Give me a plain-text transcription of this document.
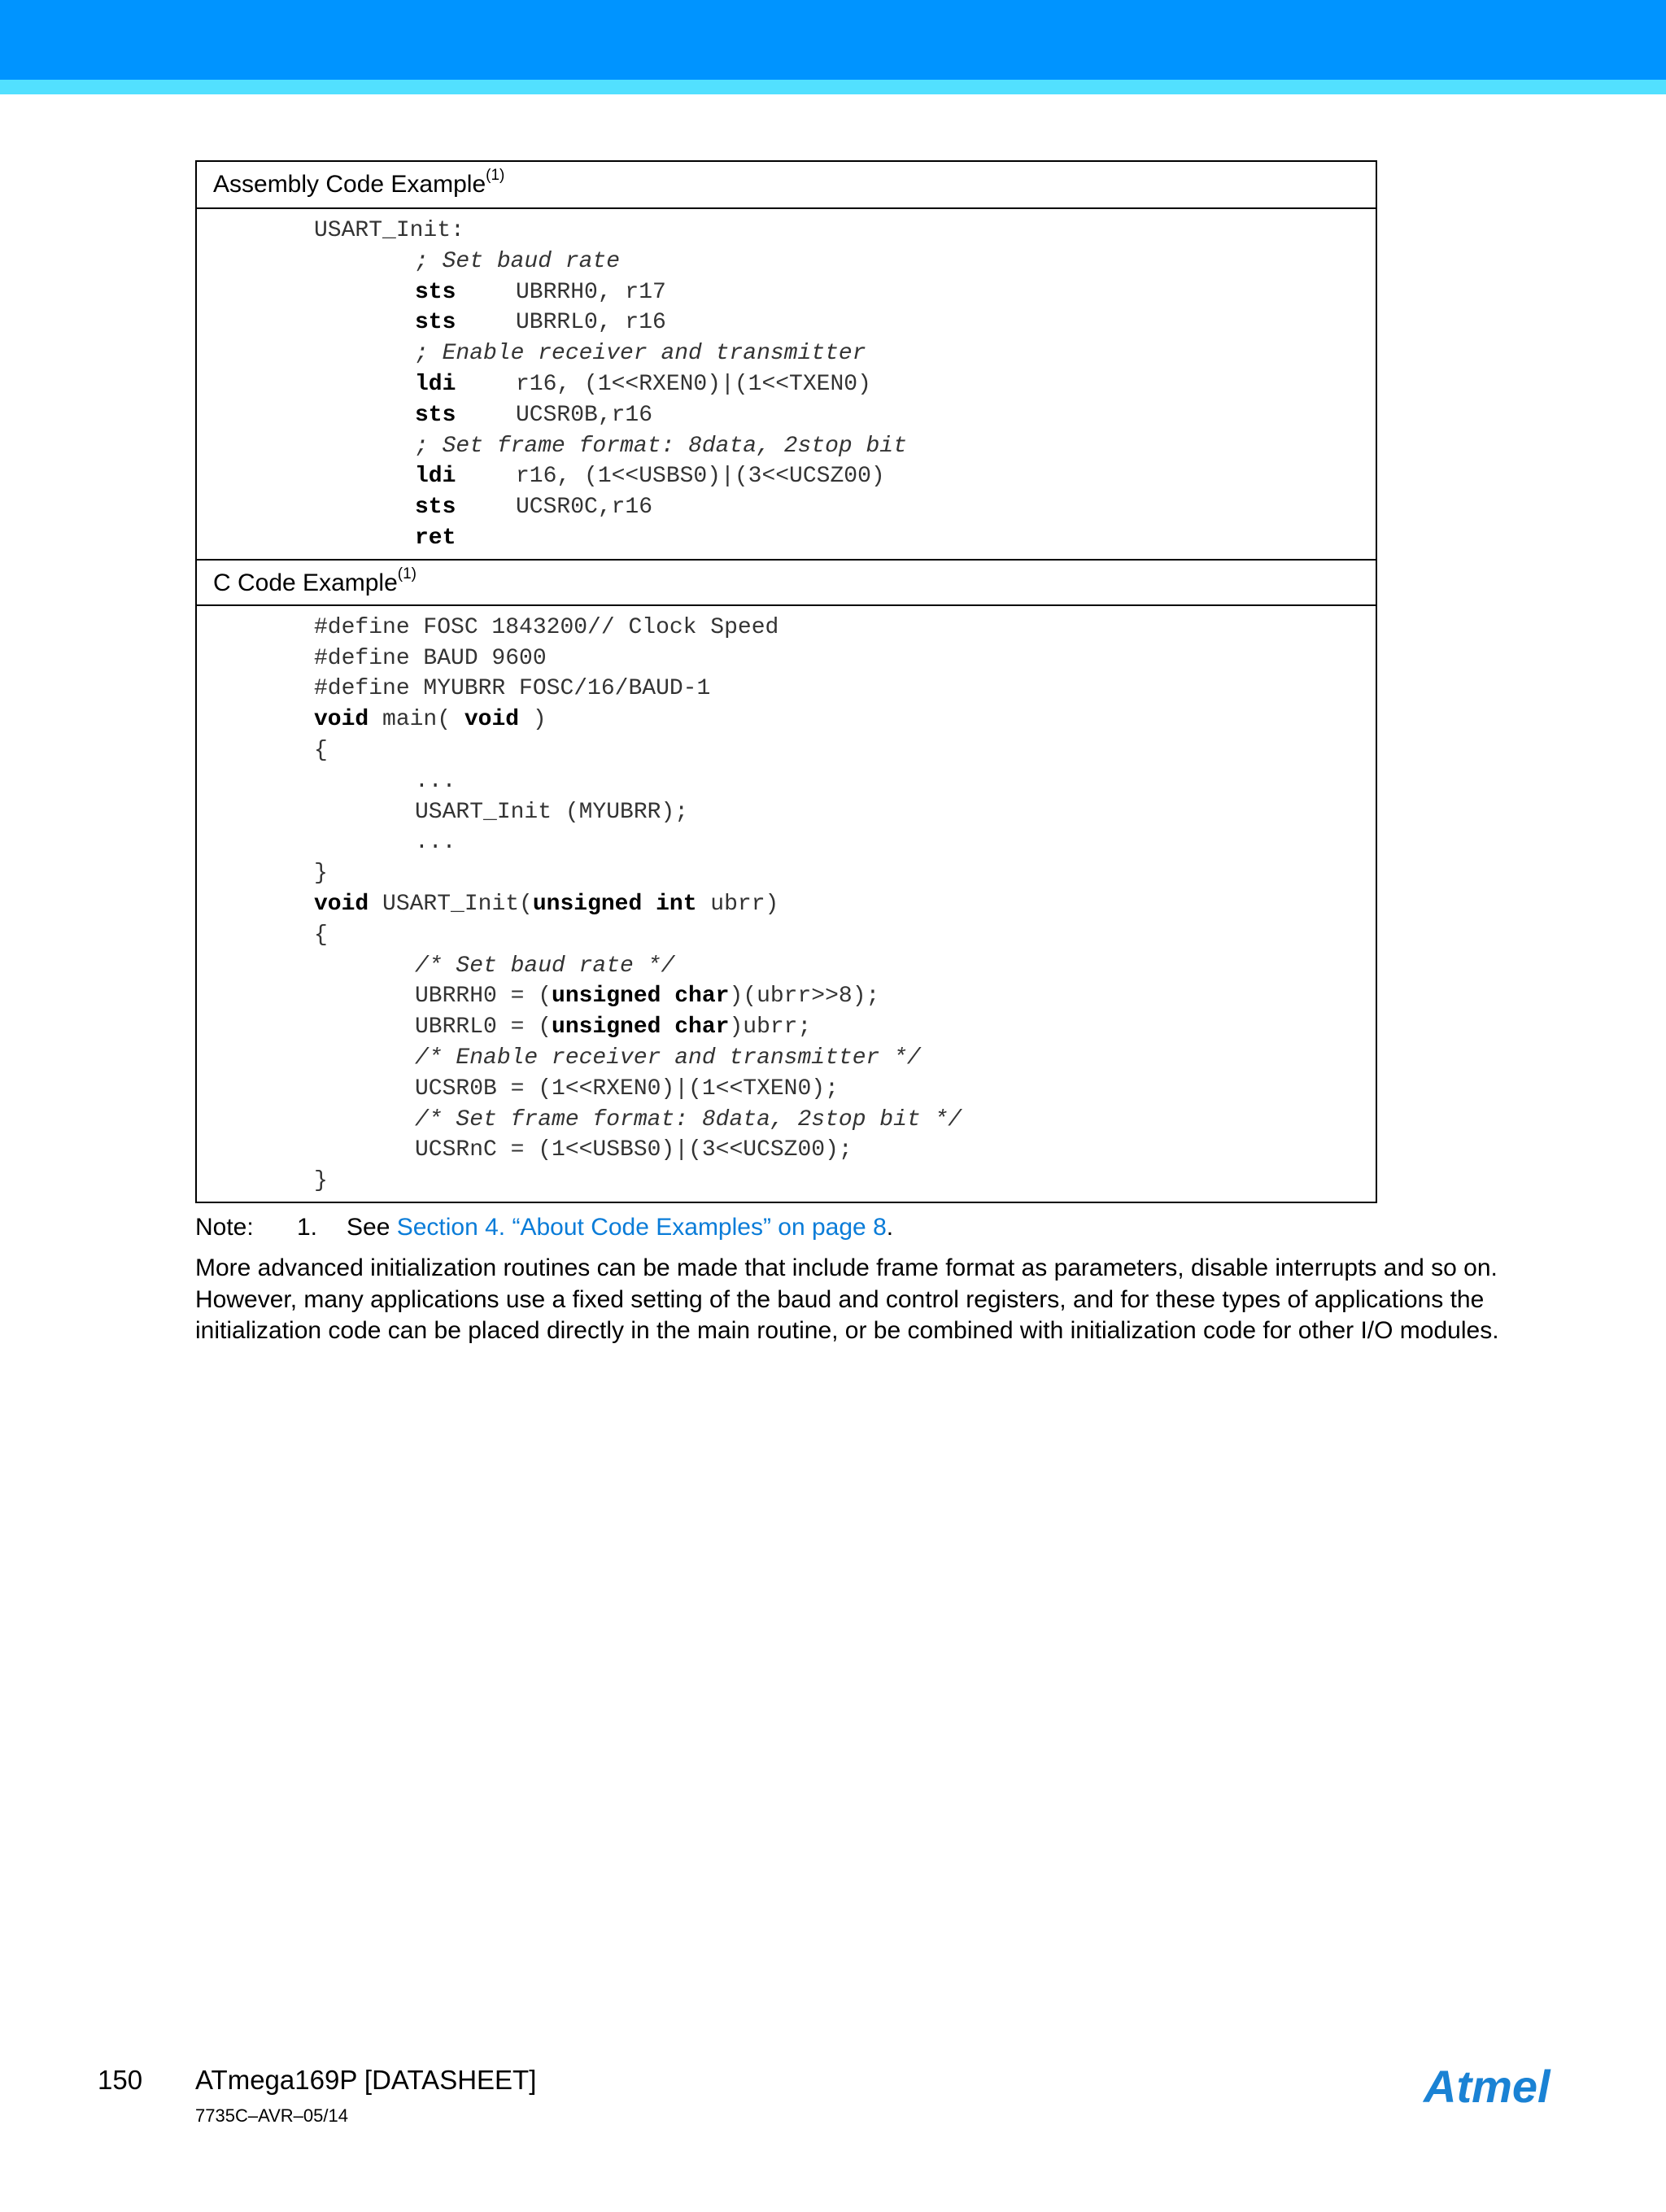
Assembly Code Example$^{(1)}$
USART_Init:
; Set baud rate
sts	UBRRH0, r17
sts	UBRRL0, r16
; Enable receiver and transmitter
ldi	r16, (1<<RXEN0)|(1<<TXEN0)
sts	UCSR0B,r16
; Set frame format: 8data, 2stop bit
ldi	r16, (1<<USBS0)|(3<<UCSZ00)
sts	UCSR0C,r16
ret
C Code Example$^{(1)}$
#define FOSC 1843200// Clock Speed
#define BAUD 9600
#define MYUBRR FOSC/16/BAUD-1
void main( void )
{
...
USART_Init (MYUBRR);
...
}
void USART_Init(unsigned int ubrr)
{
/* Set baud rate */
UBRRH0 = (unsigned char)(ubrr>>8);
UBRRL0 = (unsigned char)ubrr;
/* Enable receiver and transmitter */
UCSR0B = (1<<RXEN0)|(1<<TXEN0);
/* Set frame format: 8data, 2stop bit */
UCSRnC = (1<<USBS0)|(3<<UCSZ00);
}
Note: 1. See Section 4. “About Code Examples” on page 8.
More advanced initialization routines can be made that include frame format as parameters, disable interrupts and so on. However, many applications use a fixed setting of the baud and control registers, and for these types of applications the initialization code can be placed directly in the main routine, or be combined with initialization code for other I/O modules.
150 ATmega169P [DATASHEET]
7735C–AVR–05/14
Atmel
